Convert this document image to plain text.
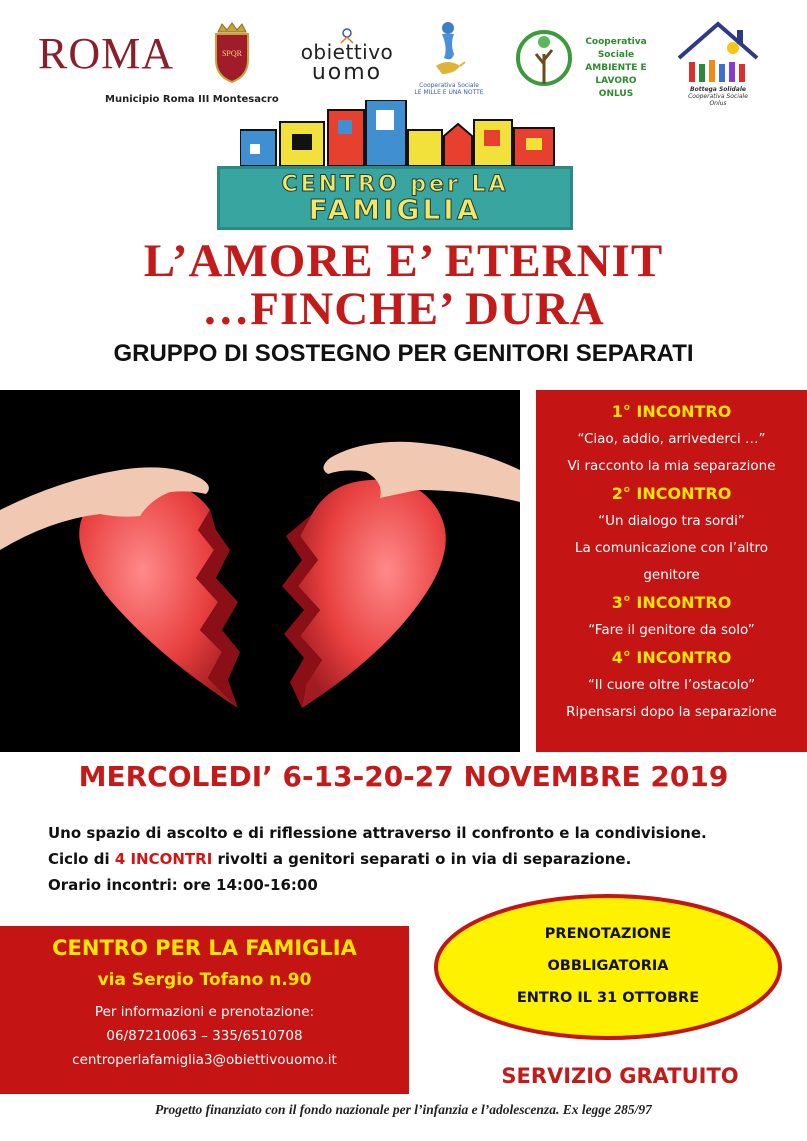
ROMA	SPQR
Municipio Roma III Montesacro
obiettivo
uomo
Cooperativa Sociale
LE MILLE E UNA NOTTE
Cooperativa Sociale
AMBIENTE E LAVORO
ONLUS	Bottega Solidale
Cooperativa Sociale Onlus
CENTRO per LA
FAMIGLIA
L’AMORE E’ ETERNIT
…FINCHE’ DURA
GRUPPO DI SOSTEGNO PER GENITORI SEPARATI
1° INCONTRO
“Ciao, addio, arrivederci …”
Vi racconto la mia separazione
2° INCONTRO
“Un dialogo tra sordi”
La comunicazione con l’altro
genitore
3° INCONTRO
“Fare il genitore da solo”
4° INCONTRO
“Il cuore oltre l’ostacolo”
Ripensarsi dopo la separazione
MERCOLEDI’ 6-13-20-27 NOVEMBRE 2019
Uno spazio di ascolto e di riflessione attraverso il confronto e la condivisione.
Ciclo di 4 INCONTRI rivolti a genitori separati o in via di separazione.
Orario incontri: ore 14:00-16:00
CENTRO PER LA FAMIGLIA
via Sergio Tofano n.90
Per informazioni e prenotazione:
06/87210063 – 335/6510708
centroperlafamiglia3@obiettivouomo.it
PRENOTAZIONE
OBBLIGATORIA
ENTRO IL 31 OTTOBRE
SERVIZIO GRATUITO
Progetto finanziato con il fondo nazionale per l’infanzia e l’adolescenza. Ex legge 285/97
